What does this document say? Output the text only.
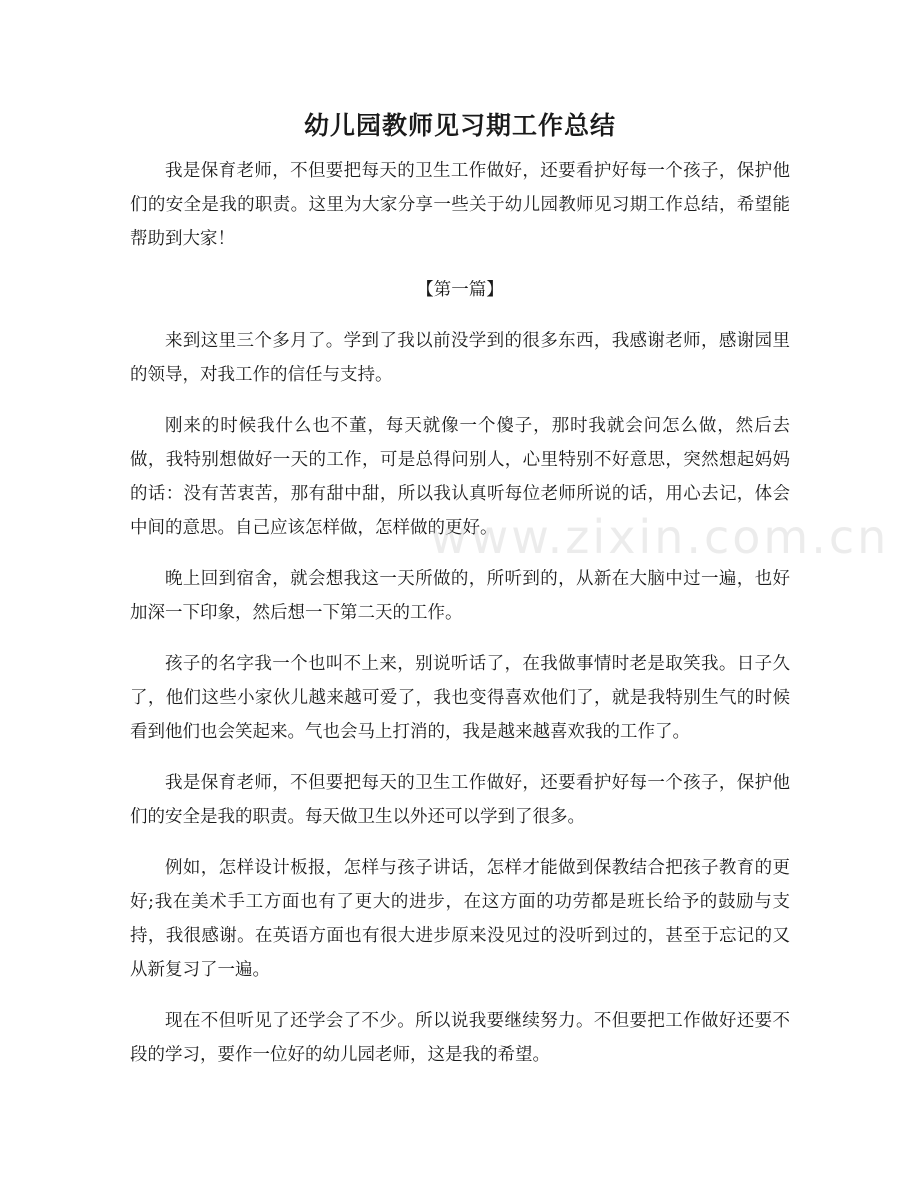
幼儿园教师见习期工作总结

我是保育老师，不但要把每天的卫生工作做好，还要看护好每一个孩子，保护他们的安全是我的职责。这里为大家分享一些关于幼儿园教师见习期工作总结，希望能帮助到大家！

【第一篇】

来到这里三个多月了。学到了我以前没学到的很多东西，我感谢老师，感谢园里的领导，对我工作的信任与支持。

刚来的时候我什么也不董，每天就像一个傻子，那时我就会问怎么做，然后去做，我特别想做好一天的工作，可是总得问别人，心里特别不好意思，突然想起妈妈的话：没有苦衷苦，那有甜中甜，所以我认真听每位老师所说的话，用心去记，体会中间的意思。自己应该怎样做，怎样做的更好。

晚上回到宿舍，就会想我这一天所做的，所听到的，从新在大脑中过一遍，也好加深一下印象，然后想一下第二天的工作。

孩子的名字我一个也叫不上来，别说听话了，在我做事情时老是取笑我。日子久了，他们这些小家伙儿越来越可爱了，我也变得喜欢他们了，就是我特别生气的时候看到他们也会笑起来。气也会马上打消的，我是越来越喜欢我的工作了。

我是保育老师，不但要把每天的卫生工作做好，还要看护好每一个孩子，保护他们的安全是我的职责。每天做卫生以外还可以学到了很多。

例如，怎样设计板报，怎样与孩子讲话，怎样才能做到保教结合把孩子教育的更好;我在美术手工方面也有了更大的进步，在这方面的功劳都是班长给予的鼓励与支持，我很感谢。在英语方面也有很大进步原来没见过的没听到过的，甚至于忘记的又从新复习了一遍。

现在不但听见了还学会了不少。所以说我要继续努力。不但要把工作做好还要不段的学习，要作一位好的幼儿园老师，这是我的希望。

www.zixin.com.cn
